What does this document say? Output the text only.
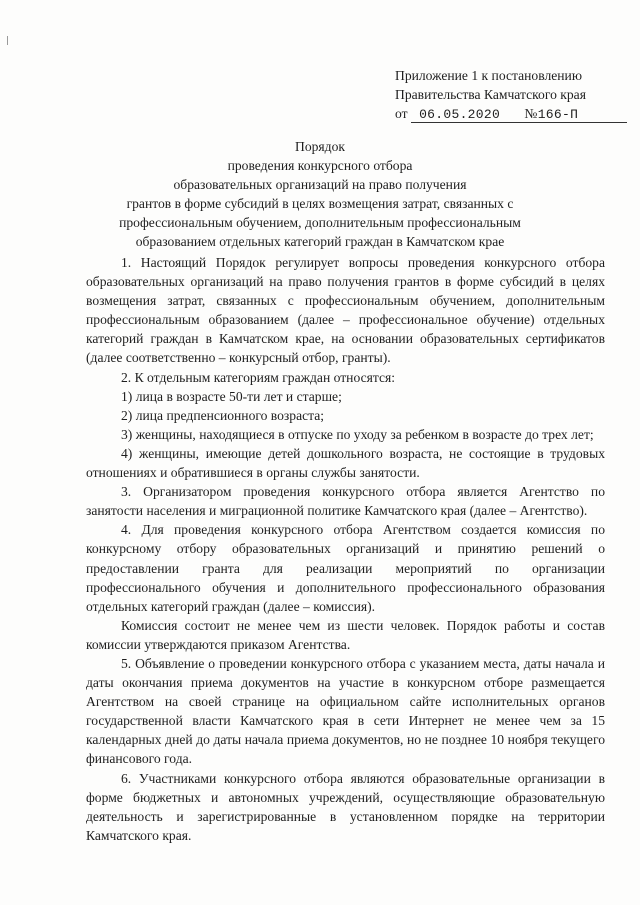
Приложение 1 к постановлению
Правительства Камчатского края
от  06.05.2020 №166-П
Порядок
проведения конкурсного отбора
образовательных организаций на право получения
грантов в форме субсидий в целях возмещения затрат, связанных с
профессиональным обучением, дополнительным профессиональным
образованием отдельных категорий граждан в Камчатском крае

1. Настоящий Порядок регулирует вопросы проведения конкурсного отбора образовательных организаций на право получения грантов в форме субсидий в целях возмещения затрат, связанных с профессиональным обучением, дополнительным профессиональным образованием (далее – профессиональное обучение) отдельных категорий граждан в Камчатском крае, на основании образовательных сертификатов (далее соответственно – конкурсный отбор, гранты).

2. К отдельным категориям граждан относятся:

1) лица в возрасте 50-ти лет и старше;

2) лица предпенсионного возраста;

3) женщины, находящиеся в отпуске по уходу за ребенком в возрасте до трех лет;

4) женщины, имеющие детей дошкольного возраста, не состоящие в трудовых отношениях и обратившиеся в органы службы занятости.

3. Организатором проведения конкурсного отбора является Агентство по занятости населения и миграционной политике Камчатского края (далее – Агентство).

4. Для проведения конкурсного отбора Агентством создается комиссия по конкурсному отбору образовательных организаций и принятию решений о предоставлении гранта для реализации мероприятий по организации профессионального обучения и дополнительного профессионального образования отдельных категорий граждан (далее – комиссия).

Комиссия состоит не менее чем из шести человек. Порядок работы и состав комиссии утверждаются приказом Агентства.

5. Объявление о проведении конкурсного отбора с указанием места, даты начала и даты окончания приема документов на участие в конкурсном отборе размещается Агентством на своей странице на официальном сайте исполнительных органов государственной власти Камчатского края в сети Интернет не менее чем за 15 календарных дней до даты начала приема документов, но не позднее 10 ноября текущего финансового года.

6. Участниками конкурсного отбора являются образовательные организации в форме бюджетных и автономных учреждений, осуществляющие образовательную деятельность и зарегистрированные в установленном порядке на территории Камчатского края.
